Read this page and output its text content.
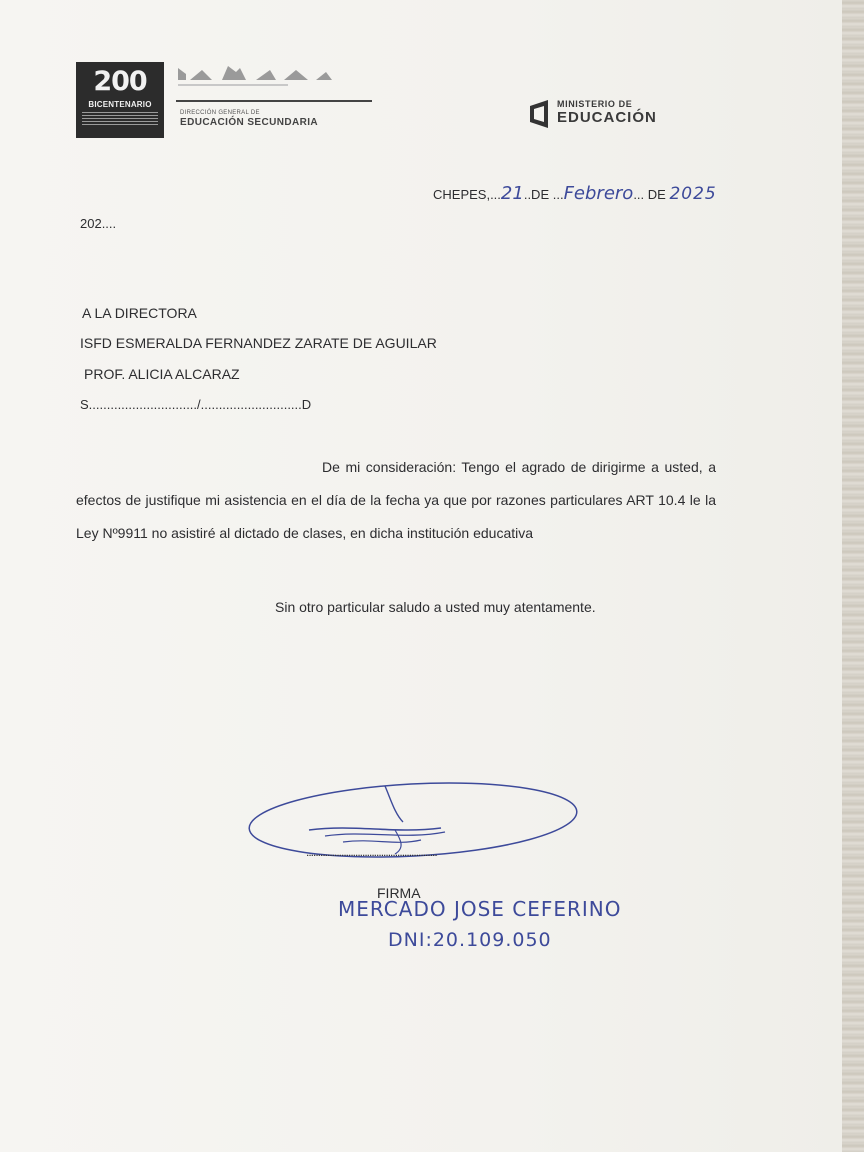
200
BICENTENARIO
DIRECCIÓN GENERAL DE
EDUCACIÓN SECUNDARIA
MINISTERIO DE
EDUCACIÓN
CHEPES,...21..DE ...Febrero... DE 2025
202....
A LA DIRECTORA
ISFD ESMERALDA FERNANDEZ ZARATE DE AGUILAR
PROF. ALICIA ALCARAZ
S............................../............................D
De mi consideración: Tengo el agrado de dirigirme a usted, a efectos de justifique mi asistencia en el día de la fecha ya que por razones particulares ART 10.4 le la Ley Nº9911 no asistiré al dictado de clases, en dicha institución educativa
Sin otro particular saludo a usted muy atentamente.
........................................................
FIRMA
MERCADO JOSE CEFERINO
DNI:20.109.050
